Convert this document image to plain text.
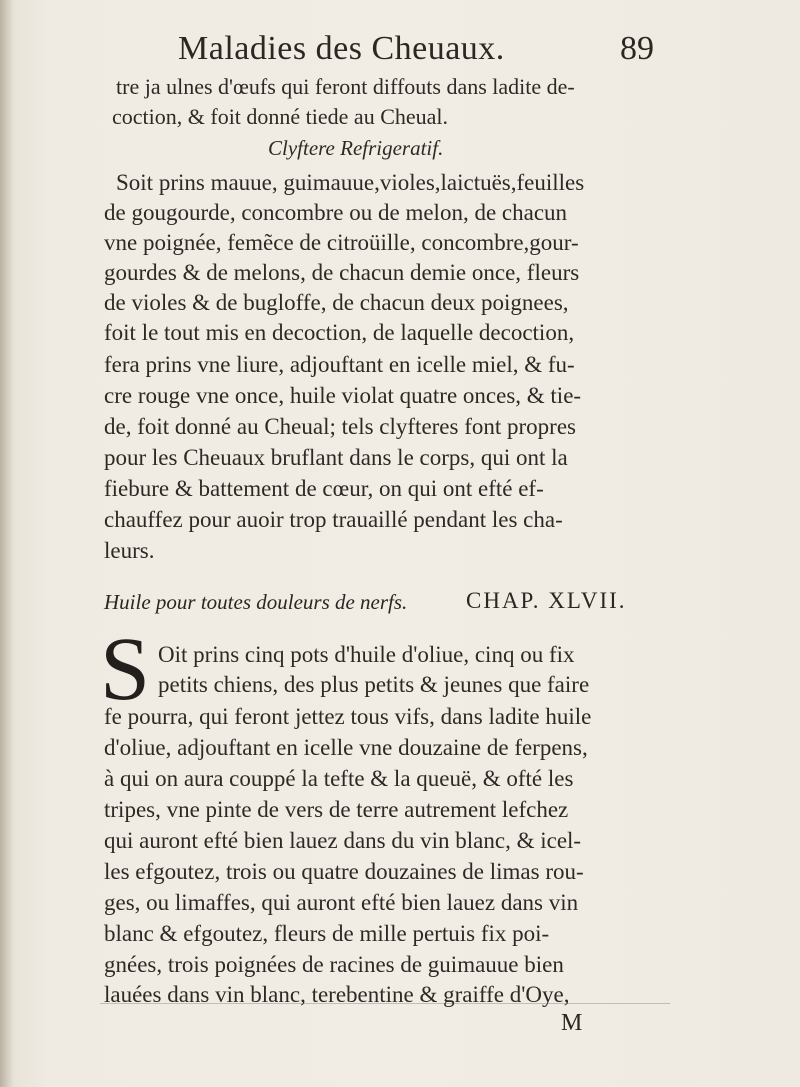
Maladies des Cheuaux.	89
tre ja ulnes d'œufs qui feront diffouts dans ladite de-
coction, & foit donné tiede au Cheual.
Clyftere Refrigeratif.
Soit prins mauue, guimauue,violes,laictuës,feuilles
de gougourde, concombre ou de melon, de chacun
vne poignée, femẽce de citroüille, concombre,gour-
gourdes & de melons, de chacun demie once, fleurs
de violes & de bugloffe, de chacun deux poignees,
foit le tout mis en decoction, de laquelle decoction,
fera prins vne liure, adjouftant en icelle miel, & fu-
cre rouge vne once, huile violat quatre onces, & tie-
de, foit donné au Cheual; tels clyfteres font propres
pour les Cheuaux bruflant dans le corps, qui ont la
fiebure & battement de cœur, on qui ont efté ef-
chauffez pour auoir trop trauaillé pendant les cha-
leurs.
Huile pour toutes douleurs de nerfs.	CHAP. XLVII.
S Oit prins cinq pots d'huile d'oliue, cinq ou fix
petits chiens, des plus petits & jeunes que faire
fe pourra, qui feront jettez tous vifs, dans ladite huile
d'oliue, adjouftant en icelle vne douzaine de ferpens,
à qui on aura couppé la tefte & la queuë, & ofté les
tripes, vne pinte de vers de terre autrement lefchez
qui auront efté bien lauez dans du vin blanc, & icel-
les efgoutez, trois ou quatre douzaines de limas rou-
ges, ou limaffes, qui auront efté bien lauez dans vin
blanc & efgoutez, fleurs de mille pertuis fix poi-
gnées, trois poignées de racines de guimauue bien
lauées dans vin blanc, terebentine & graiffe d'Oye,
M
